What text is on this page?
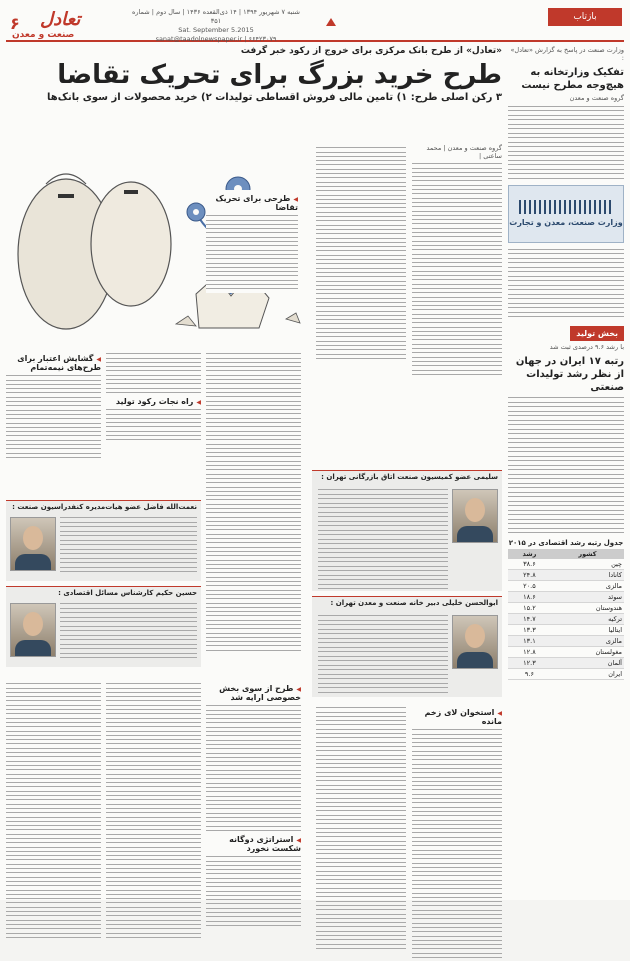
بازتاب
شنبه ۷ شهریور ۱۳۹۴ | ۱۴ ذی‌القعده ۱۴۳۶ | سال دوم | شماره ۳۵۱
Sat. September 5.2015
sanat@taadolnewspaper.ir | ۶۶۴۲۳۰۷۹
تعادل
۶
صنعت و معدن
وزارت صنعت در پاسخ به گزارش «تعادل» :
تفکیک وزارتخانه به هیچ‌وجه مطرح نیست
گروه صنعت و معدن
وزارت صنعت، معدن و تجارت
بخش تولید
با رشد ۹.۶ درصدی ثبت شد
رتبه ۱۷ ایران در جهان از نظر رشد تولیدات صنعتی
جدول رتبه رشد اقتصادی در ۲۰۱۵
کشور	رشد
چین	۳۸.۶
کانادا	۲۴.۸
مالزی	۲۰.۵
سوئد	۱۸.۶
هندوستان	۱۵.۲
ترکیه	۱۴.۷
ایتالیا	۱۳.۳
مالزی	۱۳.۱
مغولستان	۱۲.۸
آلمان	۱۲.۳
ایران	۹.۶
«تعادل» از طرح بانک مرکزی برای خروج از رکود خبر گرفت
طرح خرید بزرگ برای تحریک تقاضا
۳ رکن اصلی طرح: ۱) تامین مالی فروش اقساطی تولیدات ۲) خرید محصولات از سوی بانک‌ها
گروه صنعت و معدن | محمد ساعتی |
◀ طرحی برای تحریک تقاضا
◀ گشایش اعتبار برای طرح‌های نیمه‌تمام
◀ راه نجات رکود تولید
سلیمی عضو کمیسیون صنعت اتاق بازرگانی تهران :
ابوالحسن خلیلی دبیر خانه صنعت و معدن تهران :
نعمت‌الله فاضل عضو هیات‌مدیره کنفدراسیون صنعت :
حسین حکیم کارشناس مسائل اقتصادی :
◀ استخوان لای زخم مانده
◀ طرح از سوی بخش خصوصی ارایه شد
◀ استراتژی دوگانه شکست نخورد
